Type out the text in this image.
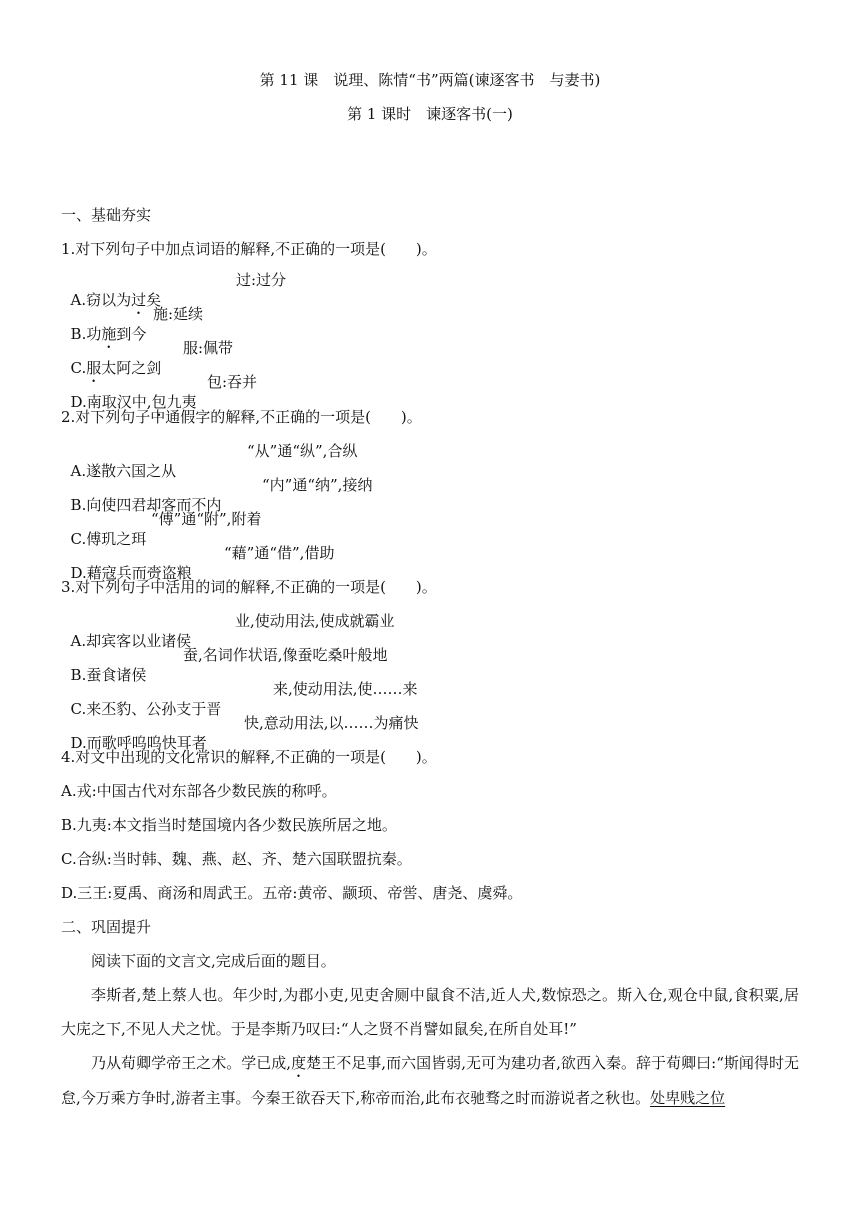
第 11 课　说理、陈情“书”两篇(谏逐客书　与妻书)
第 1 课时　谏逐客书(一)
一、基础夯实
1.对下列句子中加点词语的解释,不正确的一项是(　　)。

A.窃以为过矣

过:过分

B.功施到今

施:延续

C.服太阿之剑

服:佩带

D.南取汉中,包九夷

包:吞并

2.对下列句子中通假字的解释,不正确的一项是(　　)。

A.遂散六国之从

“从”通“纵”,合纵

B.向使四君却客而不内

“内”通“纳”,接纳

C.傅玑之珥

“傅”通“附”,附着

D.藉寇兵而赍盗粮

“藉”通“借”,借助

3.对下列句子中活用的词的解释,不正确的一项是(　　)。

A.却宾客以业诸侯

业,使动用法,使成就霸业

B.蚕食诸侯

蚕,名词作状语,像蚕吃桑叶般地

C.来丕豹、公孙支于晋

来,使动用法,使……来

D.而歌呼呜呜快耳者

快,意动用法,以……为痛快

4.对文中出现的文化常识的解释,不正确的一项是(　　)。
A.戎:中国古代对东部各少数民族的称呼。
B.九夷:本文指当时楚国境内各少数民族所居之地。
C.合纵:当时韩、魏、燕、赵、齐、楚六国联盟抗秦。
D.三王:夏禹、商汤和周武王。五帝:黄帝、颛顼、帝喾、唐尧、虞舜。
二、巩固提升
阅读下面的文言文,完成后面的题目。
李斯者,楚上蔡人也。年少时,为郡小吏,见吏舍厕中鼠食不洁,近人犬,数惊恐之。斯入仓,观仓中鼠,食积粟,居大庑之下,不见人犬之忧。于是李斯乃叹曰:“人之贤不肖譬如鼠矣,在所自处耳!”
乃从荀卿学帝王之术。学已成,度楚王不足事,而六国皆弱,无可为建功者,欲西入秦。辞于荀卿曰:“斯闻得时无怠,今万乘方争时,游者主事。今秦王欲吞天下,称帝而治,此布衣驰骛之时而游说者之秋也。处卑贱之位
